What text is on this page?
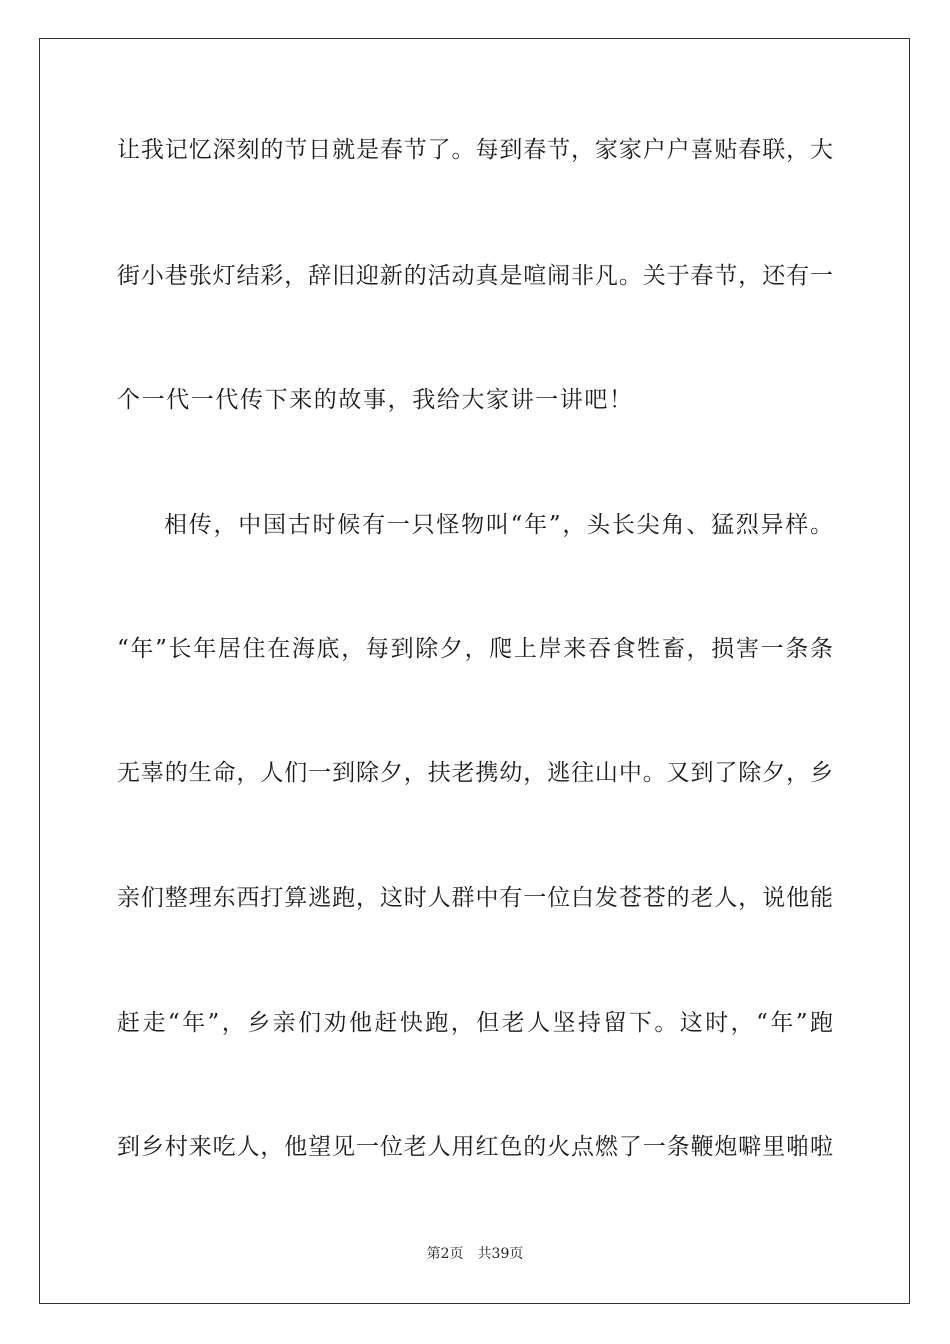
让我记忆深刻的节日就是春节了。每到春节，家家户户喜贴春联，大
街小巷张灯结彩，辞旧迎新的活动真是喧闹非凡。关于春节，还有一
个一代一代传下来的故事，我给大家讲一讲吧！
相传，中国古时候有一只怪物叫“年”，头长尖角、猛烈异样。
“年”长年居住在海底，每到除夕，爬上岸来吞食牲畜，损害一条条
无辜的生命，人们一到除夕，扶老携幼，逃往山中。又到了除夕，乡
亲们整理东西打算逃跑，这时人群中有一位白发苍苍的老人，说他能
赶走“年”，乡亲们劝他赶快跑，但老人坚持留下。这时，“年”跑
到乡村来吃人，他望见一位老人用红色的火点燃了一条鞭炮噼里啪啦
第2页 共39页
